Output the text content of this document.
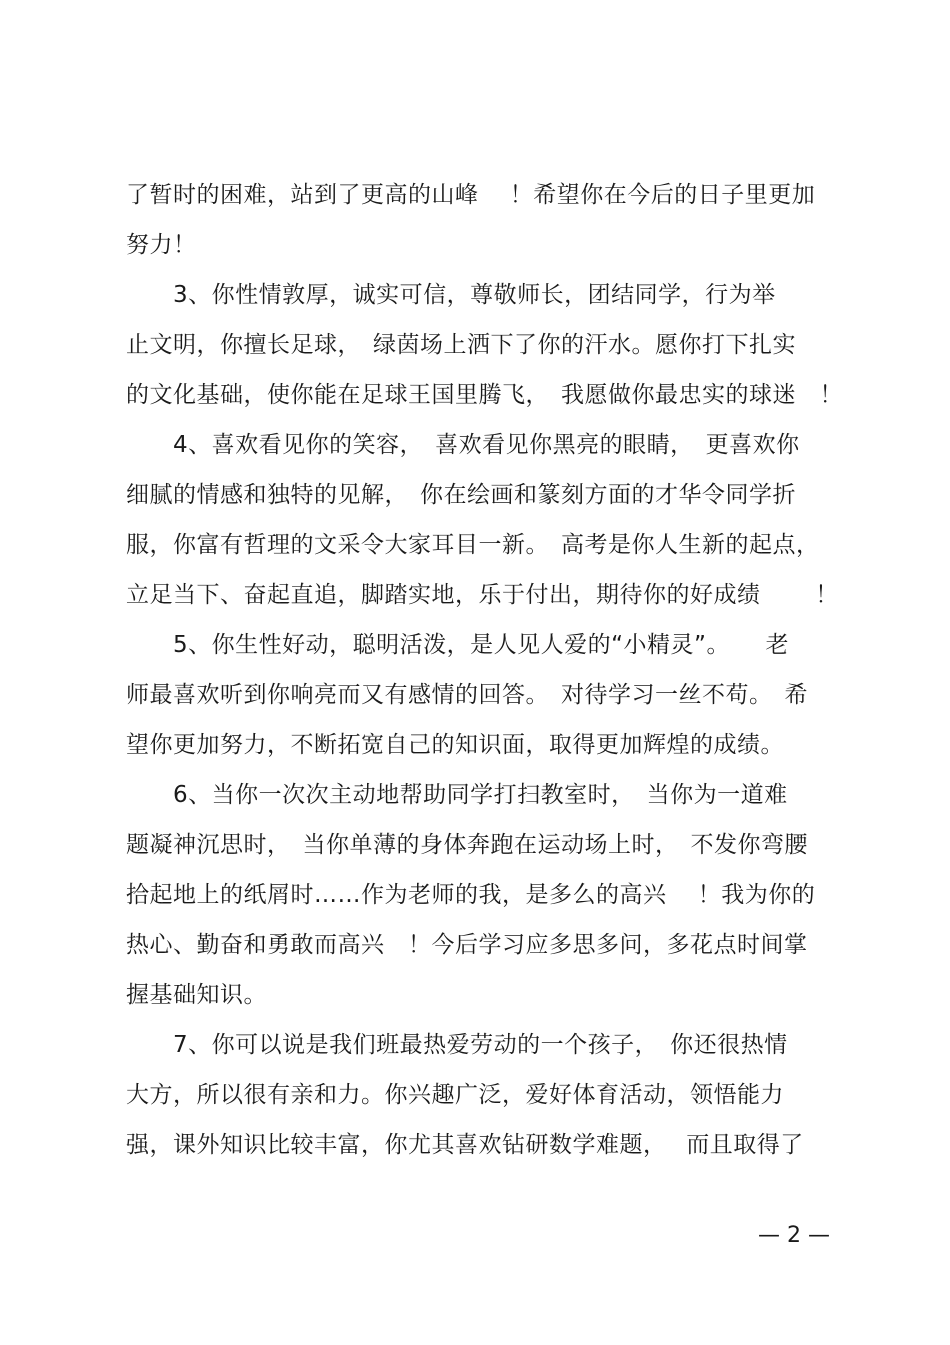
了暂时的困难，站到了更高的山峰　 ！希望你在今后的日子里更加
努力！
　　3、你性情敦厚，诚实可信，尊敬师长，团结同学，行为举
止文明，你擅长足球，　绿茵场上洒下了你的汗水。愿你打下扎实
的文化基础，使你能在足球王国里腾飞，　我愿做你最忠实的球迷　！
　　4、喜欢看见你的笑容，　喜欢看见你黑亮的眼睛，　更喜欢你
细腻的情感和独特的见解，　你在绘画和篆刻方面的才华令同学折
服，你富有哲理的文采令大家耳目一新。　高考是你人生新的起点，
立足当下、奋起直追，脚踏实地，乐于付出，期待你的好成绩　　 ！
　　5、你生性好动，聪明活泼，是人见人爱的“小精灵”。　　老
师最喜欢听到你响亮而又有感情的回答。　对待学习一丝不苟。　希
望你更加努力，不断拓宽自己的知识面，取得更加辉煌的成绩。
　　6、当你一次次主动地帮助同学打扫教室时，　当你为一道难
题凝神沉思时，　当你单薄的身体奔跑在运动场上时，　不发你弯腰
拾起地上的纸屑时……作为老师的我，是多么的高兴　 ！我为你的
热心、勤奋和勇敢而高兴　！今后学习应多思多问，多花点时间掌
握基础知识。
　　7、你可以说是我们班最热爱劳动的一个孩子，　你还很热情
大方，所以很有亲和力。你兴趣广泛，爱好体育活动，领悟能力
强，课外知识比较丰富，你尤其喜欢钻研数学难题，　 而且取得了
— 2 —
